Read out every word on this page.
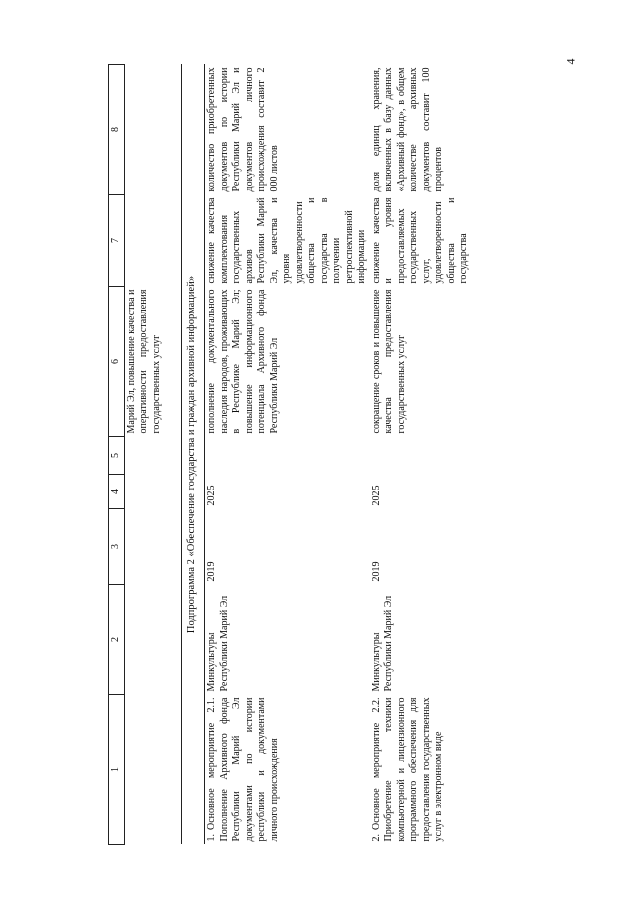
4
1	2	3	4	5	6	7	8
					Марий Эл, повышение качества и оперативности предоставления государственных услуг		
Подпрограмма 2 «Обеспечение государства и граждан архивной информацией»							
1.Основное мероприятие 2.1. Пополнение Архивного фонда Республики Марий Эл документами по истории республики и документами личного происхождения	Минкультуры Республики Марий Эл	2019	2025		пополнение документального наследия народов, проживающих в Республике Марий Эл; повышение информационного потенциала Архивного фонда Республики Марий Эл	снижение качества комплектования государственных архивов Республики Марий Эл, качества и уровня удовлетворенности общества и государства в получении ретроспективной информации	количество приобретенных документов по истории Республики Марий Эл и документов личного происхождения составит 2 000 листов
2.Основное мероприятие 2.2. Приобретение техники компьютерной и лицензионного программного обеспечения для предоставления государственных услуг в электронном виде	Минкультуры Республики Марий Эл	2019	2025		сокращение сроков и повышение качества предоставления государственных услуг	снижение качества и уровня предоставляемых государственных услуг, удовлетворенности общества и государства	доля единиц хранения, включенных в базу данных «Архивный фонд», в общем количестве архивных документов составит 100 процентов
